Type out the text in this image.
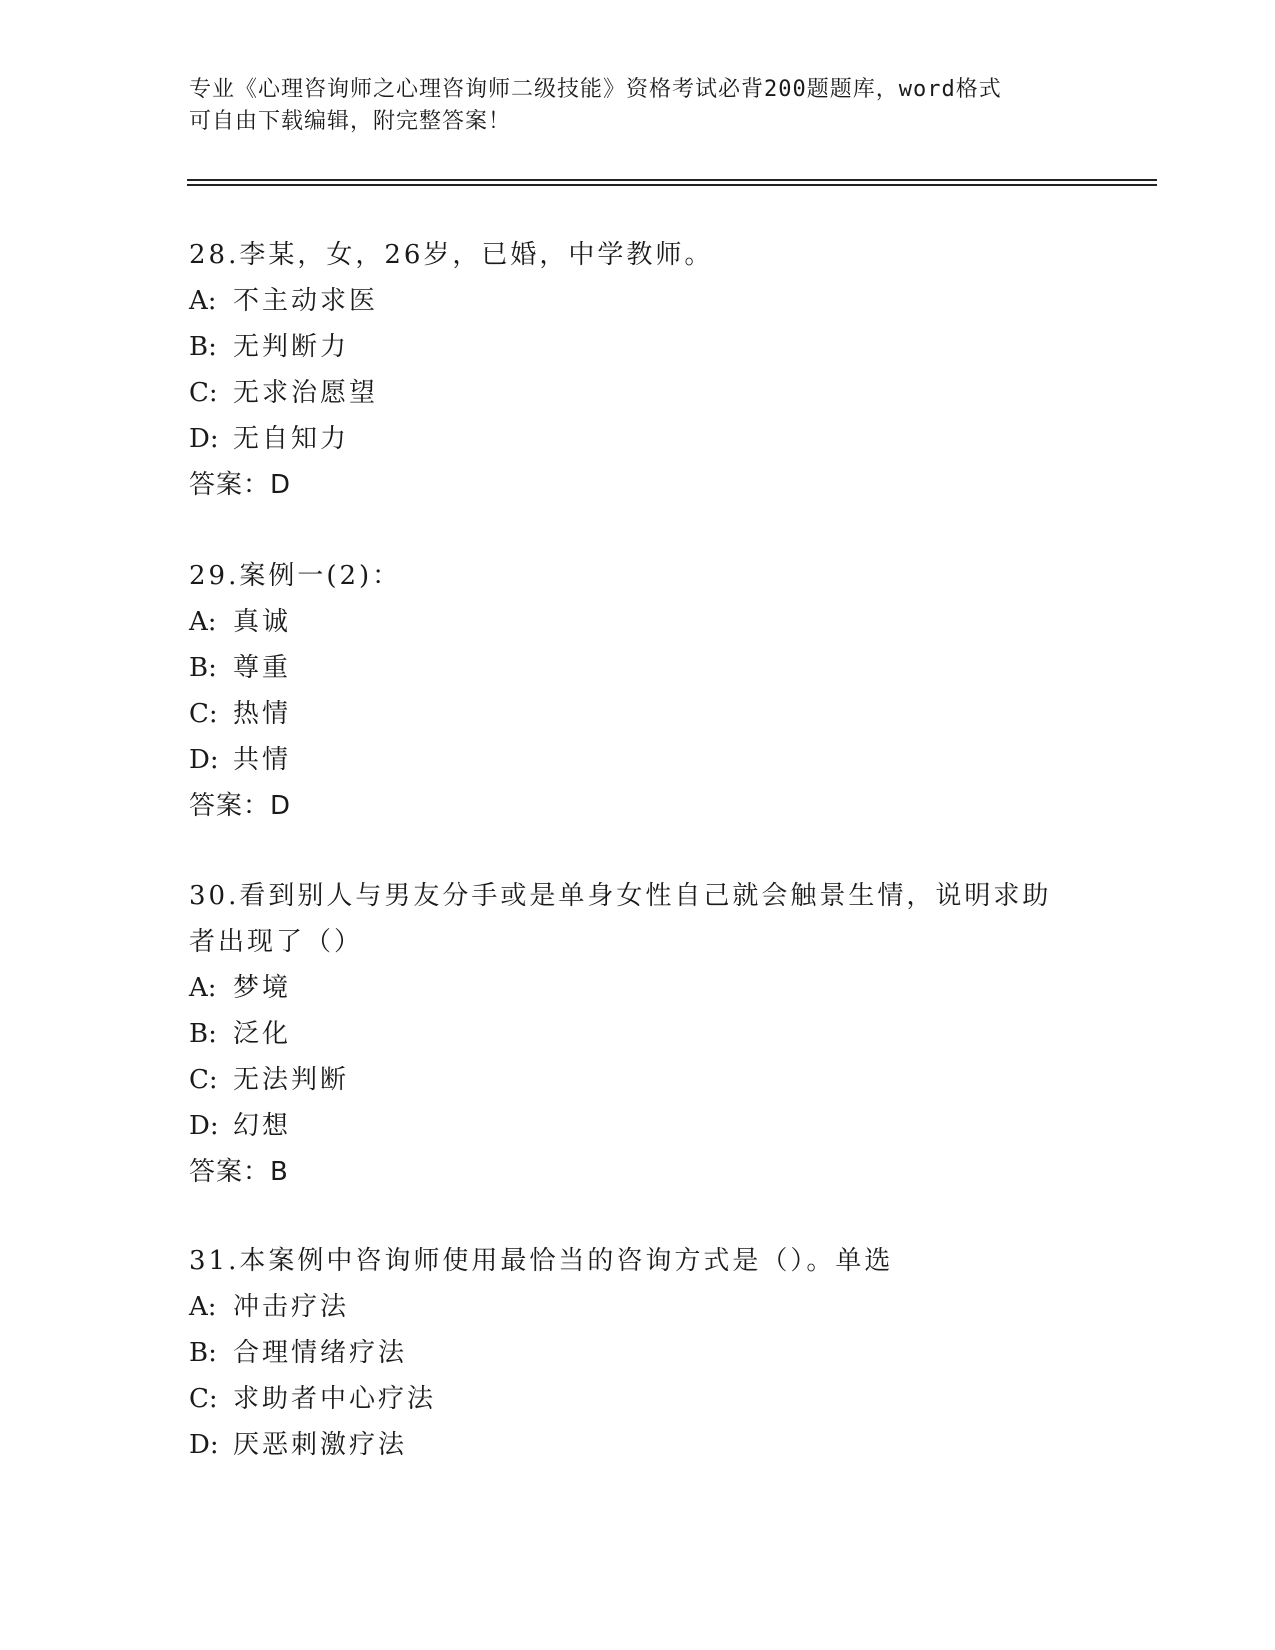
专业《心理咨询师之心理咨询师二级技能》资格考试必背200题题库，word格式
可自由下载编辑，附完整答案！

28.李某，女，26岁，已婚，中学教师。

A: 不主动求医

B: 无判断力

C: 无求治愿望

D: 无自知力

答案：D

29.案例一(2)：

A: 真诚

B: 尊重

C: 热情

D: 共情

答案：D

30.看到别人与男友分手或是单身女性自己就会触景生情，说明求助者出现了（）

A: 梦境

B: 泛化

C: 无法判断

D: 幻想

答案：B

31.本案例中咨询师使用最恰当的咨询方式是（）。单选

A: 冲击疗法

B: 合理情绪疗法

C: 求助者中心疗法

D: 厌恶刺激疗法
